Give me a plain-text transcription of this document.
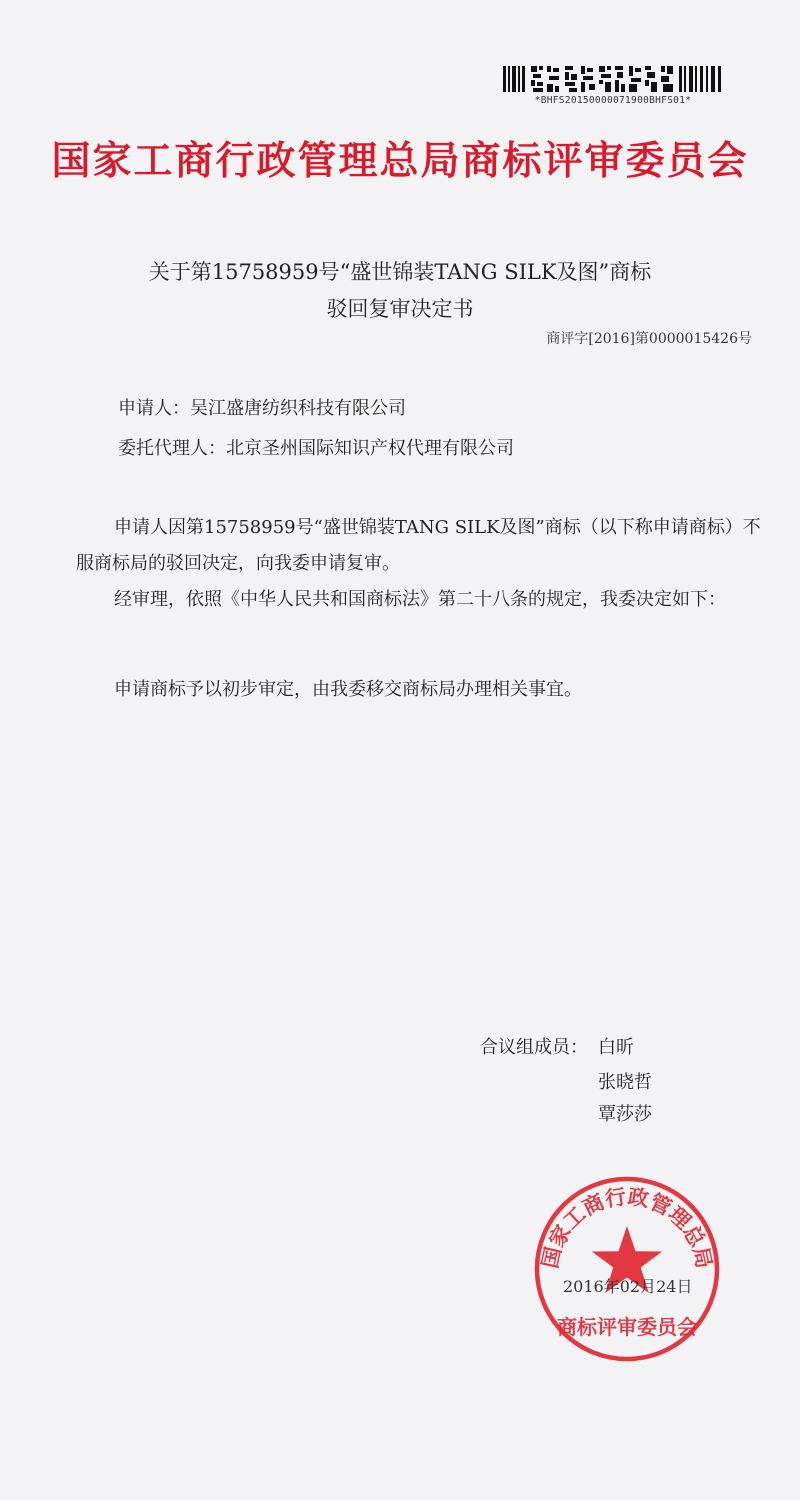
*BHFS20150000071900BHFS01*
国家工商行政管理总局商标评审委员会
关于第15758959号“盛世锦装TANG SILK及图”商标
驳回复审决定书
商评字[2016]第0000015426号
申请人：吴江盛唐纺织科技有限公司
委托代理人：北京圣州国际知识产权代理有限公司
申请人因第15758959号“盛世锦装TANG SILK及图”商标（以下称申请商标）不服商标局的驳回决定，向我委申请复审。
经审理，依照《中华人民共和国商标法》第二十八条的规定，我委决定如下：
申请商标予以初步审定，由我委移交商标局办理相关事宜。
合议组成员： 白昕
张晓哲
覃莎莎
国家工商行政管理总局
商标评审委员会
2016年02月24日
